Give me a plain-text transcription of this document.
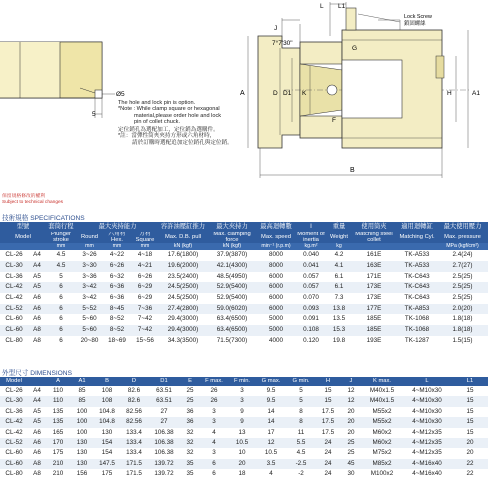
Ø5
5
L L1
Lock Screw
鎖固螺絲
7°7'30"
J
G
A	D D1 K
F
H	A1
B
The hole and lock pin is option.
*Note : While clamp square or hexagonal
material,please order hole and lock
pin of collet chuck.
定位銷孔為選配加工，定位銷為選購件。
*註：當彈性筒夾夾持方形或六角材時，
請於訂購時選配追加定位銷孔與定位銷。
保留規格修改的權利
Subject to technical changes
技術規格 SPECIFICATIONS
型號		套筒行程	最大夾持能力			容許油壓缸推力	最大夾持力	最高迴轉數	I	重量	使用筒夾	適用迴轉缸	最大使用壓力
Model		Plunger stroke	Round	六角材 Hex.	方材 Square	Max. D.B. pull	Max. clamping force	Max. speed	Moment of inertia	Weight	Matching steel collet	Matching Cyl.	Max. pressure
		mm	mm	mm	mm	kN (kgf)	kN (kgf)	min⁻¹ (r.p.m)	kg.m²	kg			MPa (kgf/cm²)
CL-26	A4	4.5	3~26	4~22	4~18	17.6(1800)	37.9(3870)	8000	0.040	4.2	161E	TK-A533	2.4(24)
CL-30	A4	4.5	3~30	6~26	4~21	19.6(2000)	42.1(4300)	8000	0.041	4.1	163E	TK-A533	2.7(27)
CL-36	A5	5	3~36	6~32	6~26	23.5(2400)	48.5(4950)	6000	0.057	6.1	171E	TK-C643	2.5(25)
CL-42	A5	6	3~42	6~36	6~29	24.5(2500)	52.9(5400)	6000	0.057	6.1	173E	TK-C643	2.5(25)
CL-42	A6	6	3~42	6~36	6~29	24.5(2500)	52.9(5400)	6000	0.070	7.3	173E	TK-C643	2.5(25)
CL-52	A6	6	5~52	8~45	7~36	27.4(2800)	59.0(6020)	6000	0.093	13.8	177E	TK-A853	2.0(20)
CL-60	A6	6	5~60	8~52	7~42	29.4(3000)	63.4(6500)	5000	0.091	13.5	185E	TK-1068	1.8(18)
CL-60	A8	6	5~60	8~52	7~42	29.4(3000)	63.4(6500)	5000	0.108	15.3	185E	TK-1068	1.8(18)
CL-80	A8	6	20~80	18~69	15~56	34.3(3500)	71.5(7300)	4000	0.120	19.8	193E	TK-1287	1.5(15)
外型尺寸 DIMENSIONS
Model		A	A1	B	D	D1	E	F max.	F min.	G max.	G min.	H	J	K max.	L	L1
CL-26	A4	110	85	108	82.6	63.51	25	26	3	9.5	5	15	12	M40x1.5	4~M10x30	15
CL-30	A4	110	85	108	82.6	63.51	25	26	3	9.5	5	15	12	M40x1.5	4~M10x30	15
CL-36	A5	135	100	104.8	82.56	27	36	3	9	14	8	17.5	20	M55x2	4~M10x30	15
CL-42	A5	135	100	104.8	82.56	27	36	3	9	14	8	17.5	20	M55x2	4~M10x30	15
CL-42	A6	165	100	130	133.4	106.38	32	4	13	17	11	17.5	20	M60x2	4~M12x35	15
CL-52	A6	170	130	154	133.4	106.38	32	4	10.5	12	5.5	24	25	M60x2	4~M12x35	20
CL-60	A6	175	130	154	133.4	106.38	32	3	10	10.5	4.5	24	25	M75x2	4~M12x35	20
CL-60	A8	210	130	147.5	171.5	139.72	35	6	20	3.5	-2.5	24	45	M85x2	4~M16x40	22
CL-80	A8	210	156	175	171.5	139.72	35	6	18	4	-2	24	30	M100x2	4~M16x40	22
